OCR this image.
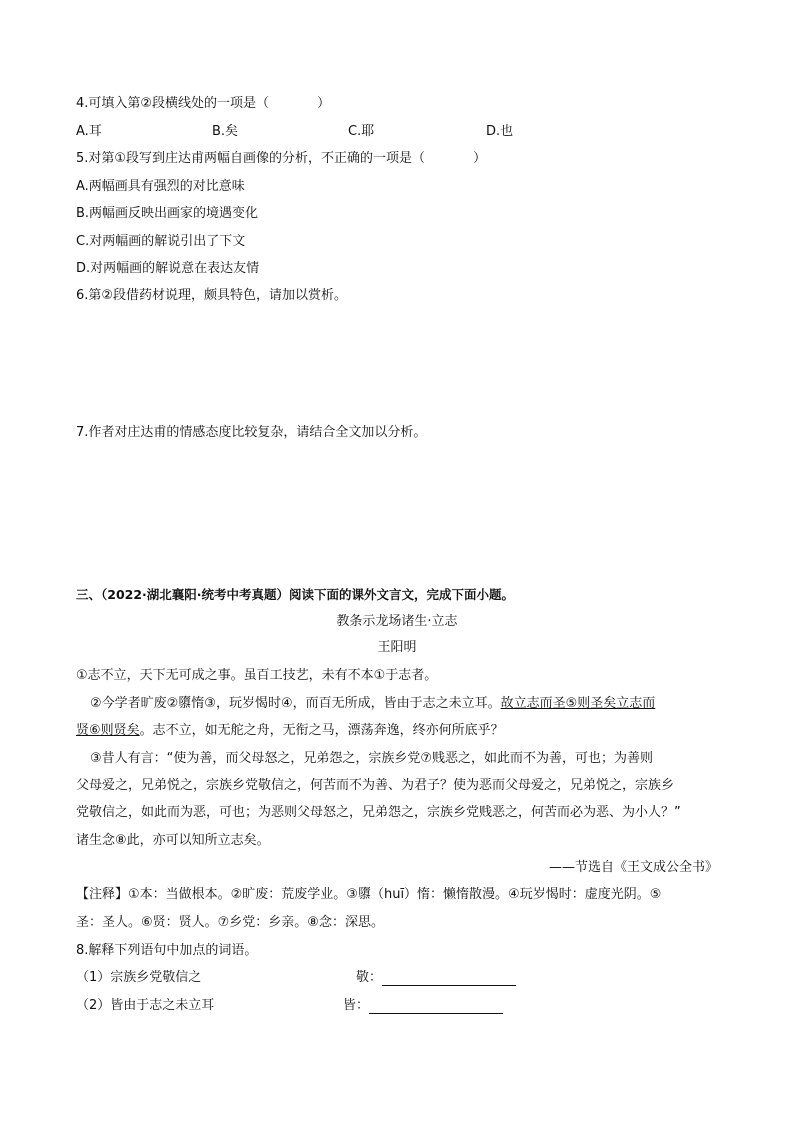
4.可填入第②段横线处的一项是（	）
A.耳	B.矣	C.耶	D.也
5.对第①段写到庄达甫两幅自画像的分析，不正确的一项是（	）
A.两幅画具有强烈的对比意味
B.两幅画反映出画家的境遇变化
C.对两幅画的解说引出了下文
D.对两幅画的解说意在表达友情
6.第②段借药材说理，颇具特色，请加以赏析。
7.作者对庄达甫的情感态度比较复杂，请结合全文加以分析。
三、（2022·湖北襄阳·统考中考真题）阅读下面的课外文言文，完成下面小题。
教条示龙场诸生·立志
王阳明
①志不立，天下无可成之事。虽百工技艺，未有不本①于志者。
②今学者旷废②隳惰③，玩岁愒时④，而百无所成，皆由于志之未立耳。故立志而圣⑤则圣矣立志而
贤⑥则贤矣。志不立，如无舵之舟，无衔之马，漂荡奔逸，终亦何所底乎？
③昔人有言：“使为善，而父母怒之，兄弟怨之，宗族乡党⑦贱恶之，如此而不为善，可也；为善则
父母爱之，兄弟悦之，宗族乡党敬信之，何苦而不为善、为君子？使为恶而父母爱之，兄弟悦之，宗族乡
党敬信之，如此而为恶，可也；为恶则父母怒之，兄弟怨之，宗族乡党贱恶之，何苦而必为恶、为小人？”
诸生念⑧此，亦可以知所立志矣。
——节选自《王文成公全书》
【注释】①本：当做根本。②旷废：荒废学业。③隳（huī）惰：懒惰散漫。④玩岁愒时：虚度光阴。⑤
圣：圣人。⑥贤：贤人。⑦乡党：乡亲。⑧念：深思。
8.解释下列语句中加点的词语。
（1）宗族乡党敬信之	敬：
（2）皆由于志之未立耳	皆：
